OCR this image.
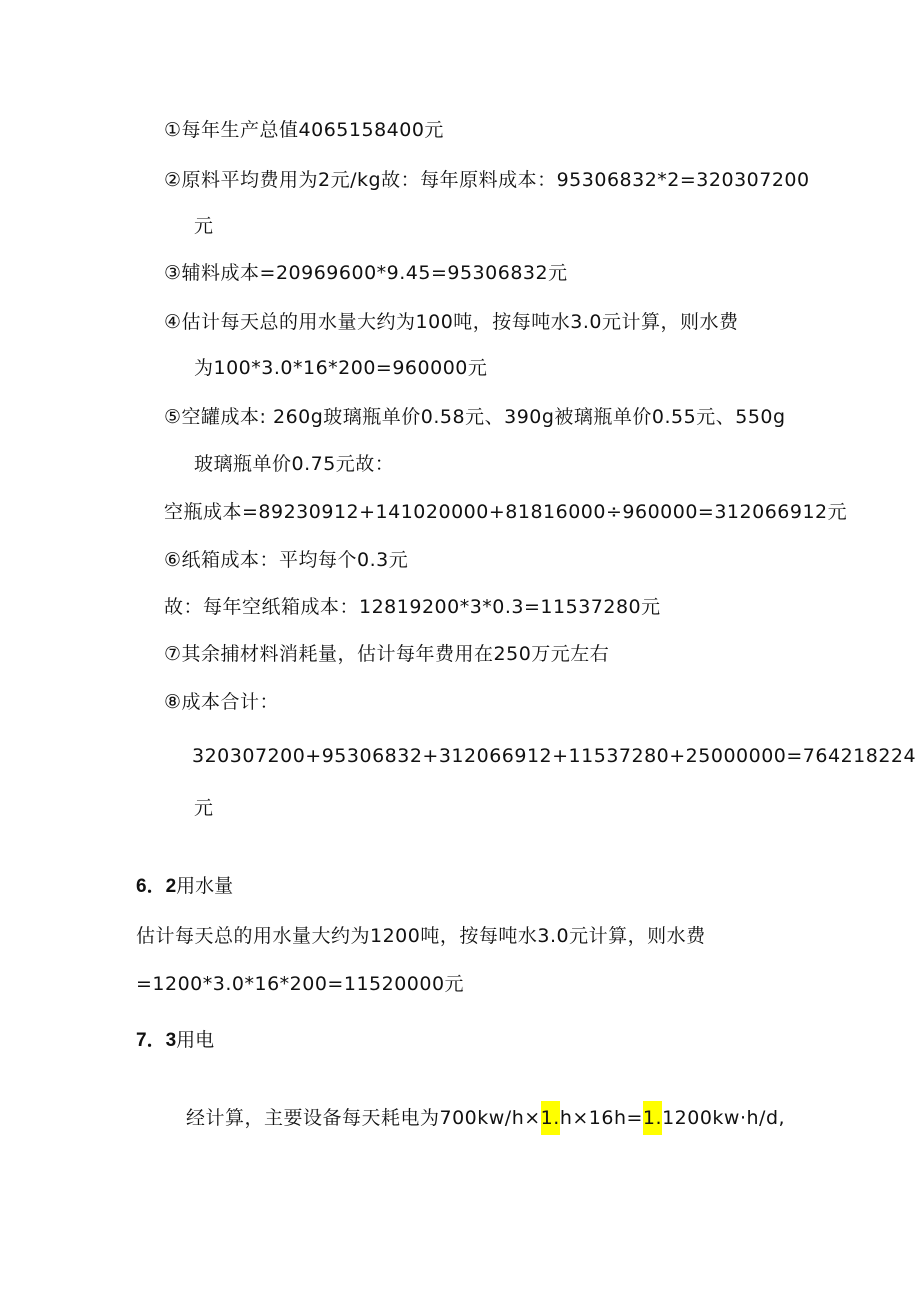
①每年生产总值4065158400元
②原料平均费用为2元/kg故：每年原料成本：95306832*2=320307200
元
③辅料成本=20969600*9.45=95306832元
④估计每天总的用水量大约为100吨，按每吨水3.0元计算，则水费
为100*3.0*16*200=960000元
⑤空罐成本: 260g玻璃瓶单价0.58元、390g被璃瓶单价0.55元、550g
玻璃瓶单价0.75元故：
空瓶成本=89230912+141020000+81816000÷960000=312066912元
⑥纸箱成本：平均每个0.3元
故：每年空纸箱成本：12819200*3*0.3=11537280元
⑦其余捕材料消耗量，估计每年费用在250万元左右
⑧成本合计：
320307200+95306832+312066912+11537280+25000000=764218224
元
6．2用水量
估计每天总的用水量大约为1200吨，按每吨水3.0元计算，则水费
=1200*3.0*16*200=11520000元
7．3用电
经计算，主要设备每天耗电为700kw/h×1.h×16h=1.1200kw·h/d,
